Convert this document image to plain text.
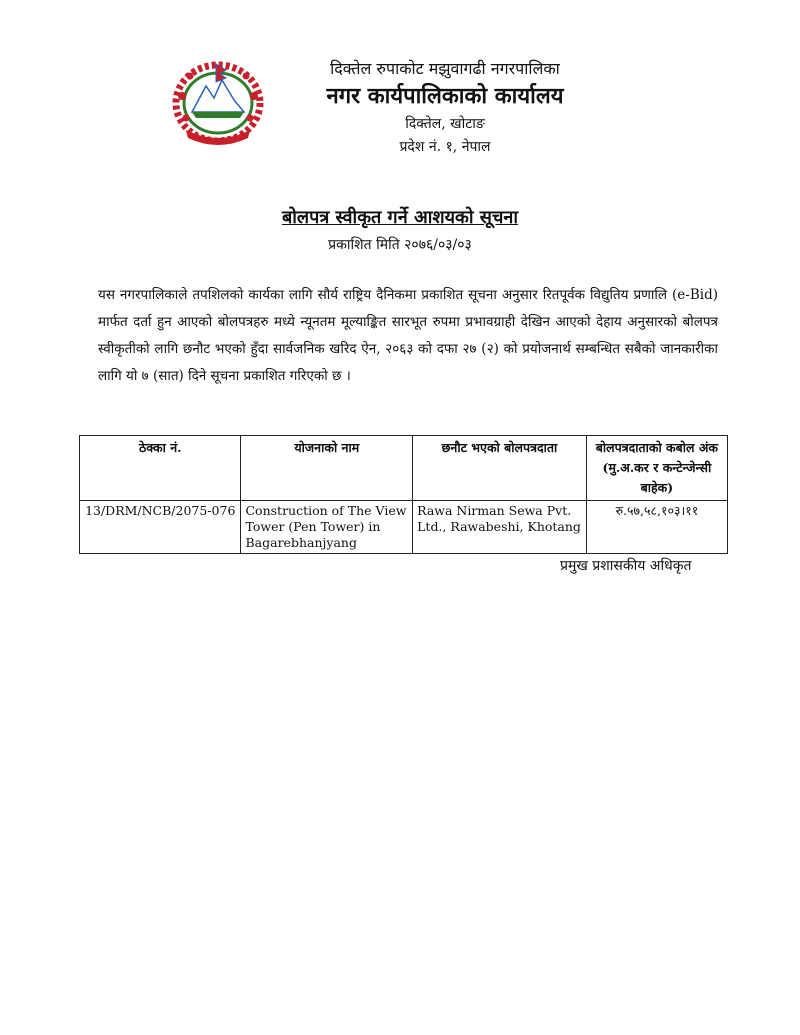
दिक्तेल रुपाकोट मझुवागढी नगरपालिका
नगर कार्यपालिकाको कार्यालय
दिक्तेल, खोटाङ
प्रदेश नं. १, नेपाल
बोलपत्र स्वीकृत गर्ने आशयको सूचना
प्रकाशित मिति २०७६/०३/०३
यस नगरपालिकाले तपशिलको कार्यका लागि सौर्य राष्ट्रिय दैनिकमा प्रकाशित सूचना अनुसार रितपूर्वक विद्युतिय प्रणालि (e-Bid) मार्फत दर्ता हुन आएको बोलपत्रहरु मध्ये न्यूनतम मूल्याङ्कित सारभूत रुपमा प्रभावग्राही देखिन आएको देहाय अनुसारको बोलपत्र स्वीकृतीको लागि छनौट भएको हुँदा सार्वजनिक खरिद ऐन, २०६३ को दफा २७ (२) को प्रयोजनार्थ सम्बन्धित सबैको जानकारीका लागि यो ७ (सात) दिने सूचना प्रकाशित गरिएको छ ।
ठेक्का नं.	योजनाको नाम	छनौट भएको बोलपत्रदाता	बोलपत्रदाताको कबोल अंक (मु.अ.कर र कन्टेन्जेन्सी बाहेक)
13/DRM/NCB/2075-076	Construction of The View Tower (Pen Tower) in Bagarebhanjyang	Rawa Nirman Sewa Pvt. Ltd., Rawabeshi, Khotang	रु.५७,५८,१०३।११
प्रमुख प्रशासकीय अधिकृत
